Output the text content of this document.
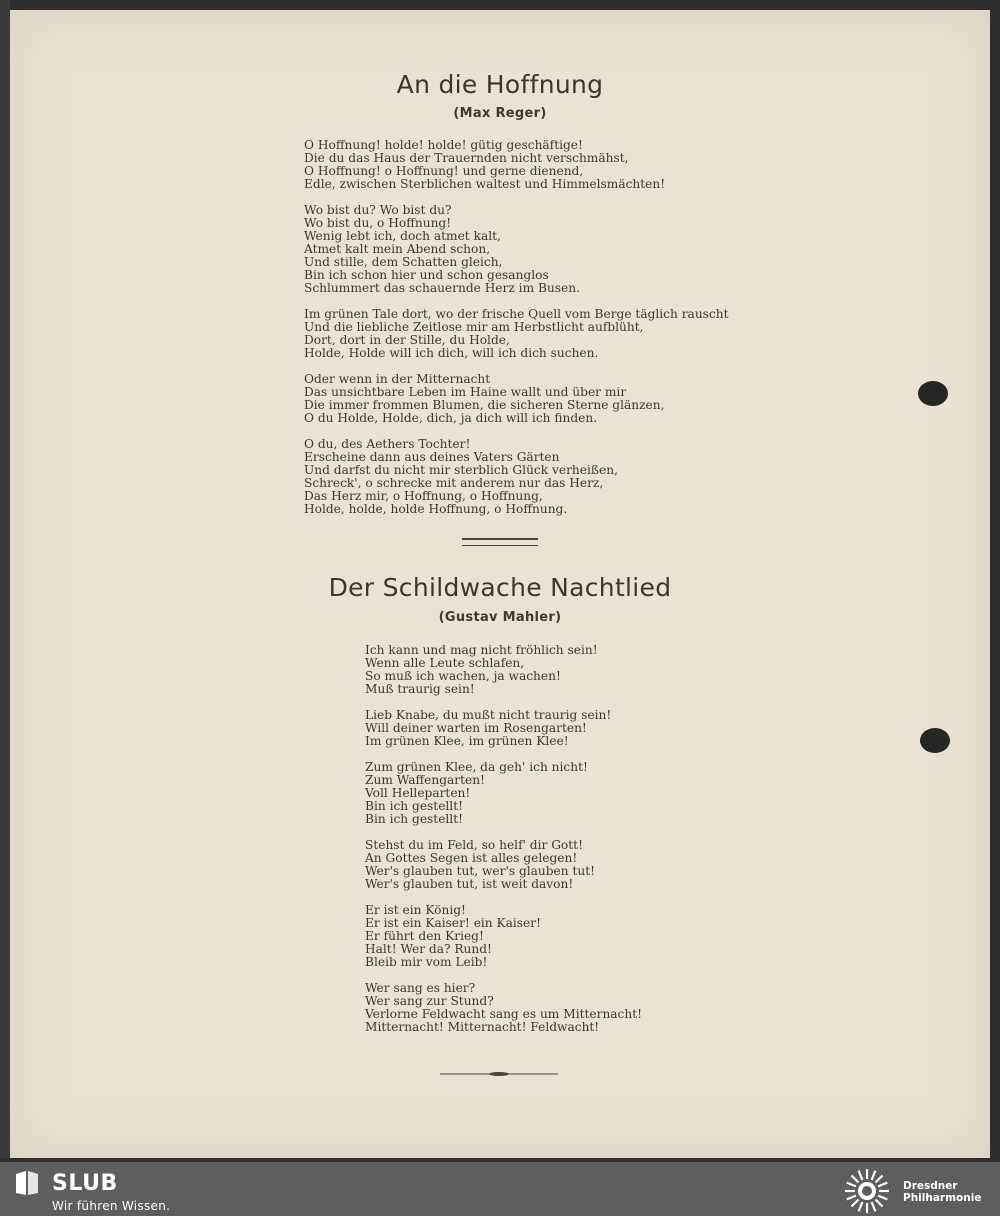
An die Hoffnung
(Max Reger)
O Hoffnung! holde! holde! gütig geschäftige!
Die du das Haus der Trauernden nicht verschmähst,
O Hoffnung! o Hoffnung! und gerne dienend,
Edle, zwischen Sterblichen waltest und Himmelsmächten!
Wo bist du? Wo bist du?
Wo bist du, o Hoffnung!
Wenig lebt ich, doch atmet kalt,
Atmet kalt mein Abend schon,
Und stille, dem Schatten gleich,
Bin ich schon hier und schon gesanglos
Schlummert das schauernde Herz im Busen.
Im grünen Tale dort, wo der frische Quell vom Berge täglich rauscht
Und die liebliche Zeitlose mir am Herbstlicht aufblüht,
Dort, dort in der Stille, du Holde,
Holde, Holde will ich dich, will ich dich suchen.
Oder wenn in der Mitternacht
Das unsichtbare Leben im Haine wallt und über mir
Die immer frommen Blumen, die sicheren Sterne glänzen,
O du Holde, Holde, dich, ja dich will ich finden.
O du, des Aethers Tochter!
Erscheine dann aus deines Vaters Gärten
Und darfst du nicht mir sterblich Glück verheißen,
Schreck', o schrecke mit anderem nur das Herz,
Das Herz mir, o Hoffnung, o Hoffnung,
Holde, holde, holde Hoffnung, o Hoffnung.
Der Schildwache Nachtlied
(Gustav Mahler)
Ich kann und mag nicht fröhlich sein!
Wenn alle Leute schlafen,
So muß ich wachen, ja wachen!
Muß traurig sein!
Lieb Knabe, du mußt nicht traurig sein!
Will deiner warten im Rosengarten!
Im grünen Klee, im grünen Klee!
Zum grünen Klee, da geh' ich nicht!
Zum Waffengarten!
Voll Helleparten!
Bin ich gestellt!
Bin ich gestellt!
Stehst du im Feld, so helf' dir Gott!
An Gottes Segen ist alles gelegen!
Wer's glauben tut, wer's glauben tut!
Wer's glauben tut, ist weit davon!
Er ist ein König!
Er ist ein Kaiser! ein Kaiser!
Er führt den Krieg!
Halt! Wer da? Rund!
Bleib mir vom Leib!
Wer sang es hier?
Wer sang zur Stund?
Verlorne Feldwacht sang es um Mitternacht!
Mitternacht! Mitternacht! Feldwacht!
SLUB
Wir führen Wissen.
Dresdner
Philharmonie
